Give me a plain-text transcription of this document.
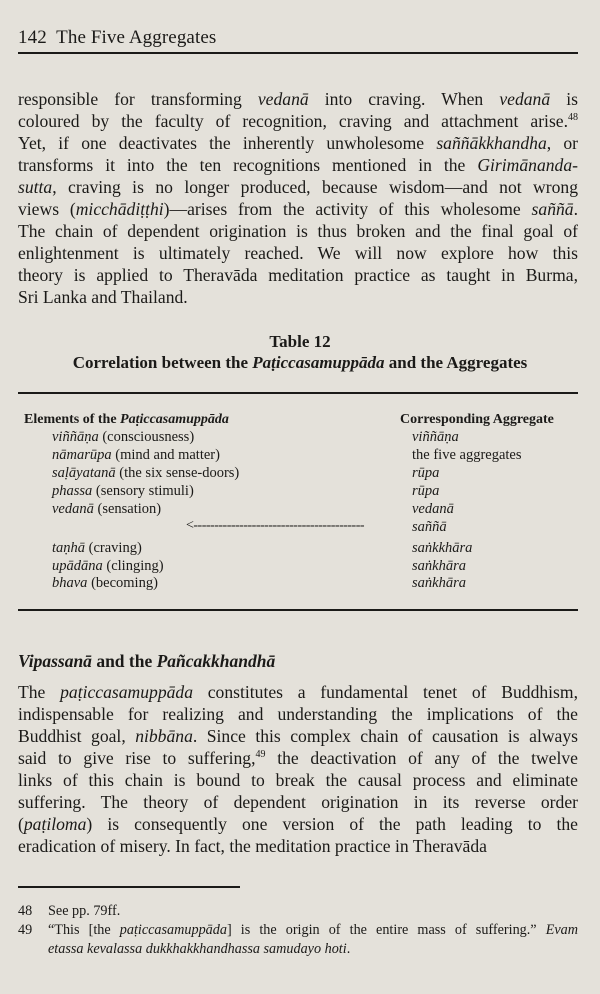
142 The Five Aggregates
responsible for transforming vedanā into craving. When vedanā is
coloured by the faculty of recognition, craving and attachment arise.$^{48}$
Yet, if one deactivates the inherently unwholesome saññākkhandha, or
transforms it into the ten recognitions mentioned in the Girimānanda-
sutta, craving is no longer produced, because wisdom—and not wrong
views (micchādiṭṭhi)—arises from the activity of this wholesome saññā.
The chain of dependent origination is thus broken and the final goal of
enlightenment is ultimately reached. We will now explore how this
theory is applied to Theravāda meditation practice as taught in Burma,
Sri Lanka and Thailand.
Table 12
Correlation between the Paṭiccasamuppāda and the Aggregates
Elements of the Paṭiccasamuppāda	Corresponding Aggregate
viññāṇa (consciousness)	viññāṇa
nāmarūpa (mind and matter)	the five aggregates
saḷāyatanā (the six sense-doors)	rūpa
phassa (sensory stimuli)	rūpa
vedanā (sensation)	vedanā
<-----------------------------------------	saññā
taṇhā (craving)	saṅkkhāra
upādāna (clinging)	saṅkhāra
bhava (becoming)	saṅkhāra
Vipassanā and the Pañcakkhandhā
The paṭiccasamuppāda constitutes a fundamental tenet of Buddhism,
indispensable for realizing and understanding the implications of the
Buddhist goal, nibbāna. Since this complex chain of causation is always
said to give rise to suffering,$^{49}$ the deactivation of any of the twelve
links of this chain is bound to break the causal process and eliminate
suffering. The theory of dependent origination in its reverse order
(paṭiloma) is consequently one version of the path leading to the
eradication of misery. In fact, the meditation practice in Theravāda
48 See pp. 79ff.
49 “This [the paṭiccasamuppāda] is the origin of the entire mass of suffering.” Evam
etassa kevalassa dukkhakkhandhassa samudayo hoti.
